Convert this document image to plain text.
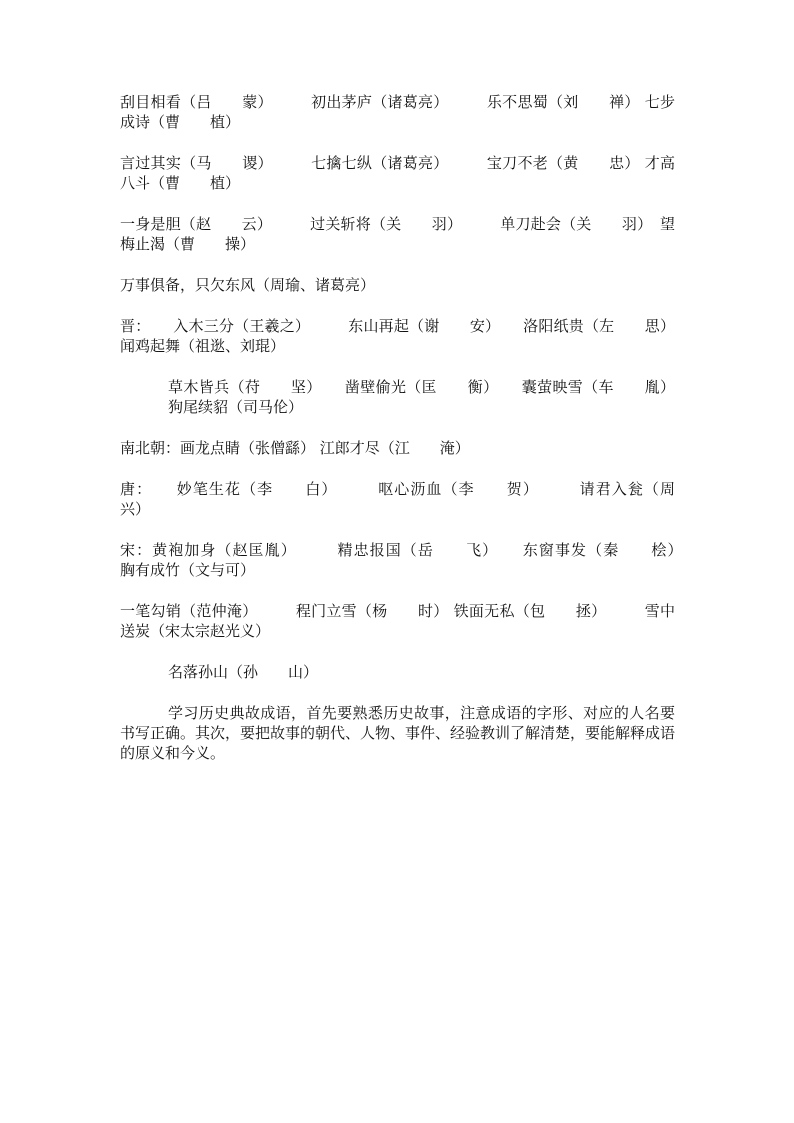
刮目相看（吕　　蒙）　　　初出茅庐（诸葛亮）　　　乐不思蜀（刘　　禅） 七步成诗（曹　　植）

言过其实（马　　谡）　　　七擒七纵（诸葛亮）　　　宝刀不老（黄　　忠） 才高八斗（曹　　植）

一身是胆（赵　　云）　　　过关斩将（关　　羽）　　　单刀赴会（关　　羽）　望梅止渴（曹　　操）

万事俱备，只欠东风（周瑜、诸葛亮）

晋：　　入木三分（王羲之）　　　东山再起（谢　　安）　　洛阳纸贵（左　　思） 闻鸡起舞（祖逖、刘琨）

草木皆兵（苻　　坚）　　凿壁偷光（匡　　衡）　　囊萤映雪（车　　胤） 狗尾续貂（司马伦）

南北朝：画龙点睛（张僧繇） 江郎才尽（江　　淹）

唐：　　妙笔生花（李　　白）　　　呕心沥血（李　　贺）　　　请君入瓮（周　　兴）

宋：黄袍加身（赵匡胤）　　　精忠报国（岳　　飞）　　东窗事发（秦　　桧）　　胸有成竹（文与可）

一笔勾销（范仲淹）　　　程门立雪（杨　　时） 铁面无私（包　　拯）　　　雪中送炭（宋太宗赵光义）

名落孙山（孙　　山）

学习历史典故成语，首先要熟悉历史故事，注意成语的字形、对应的人名要书写正确。其次，要把故事的朝代、人物、事件、经验教训了解清楚，要能解释成语的原义和今义。
